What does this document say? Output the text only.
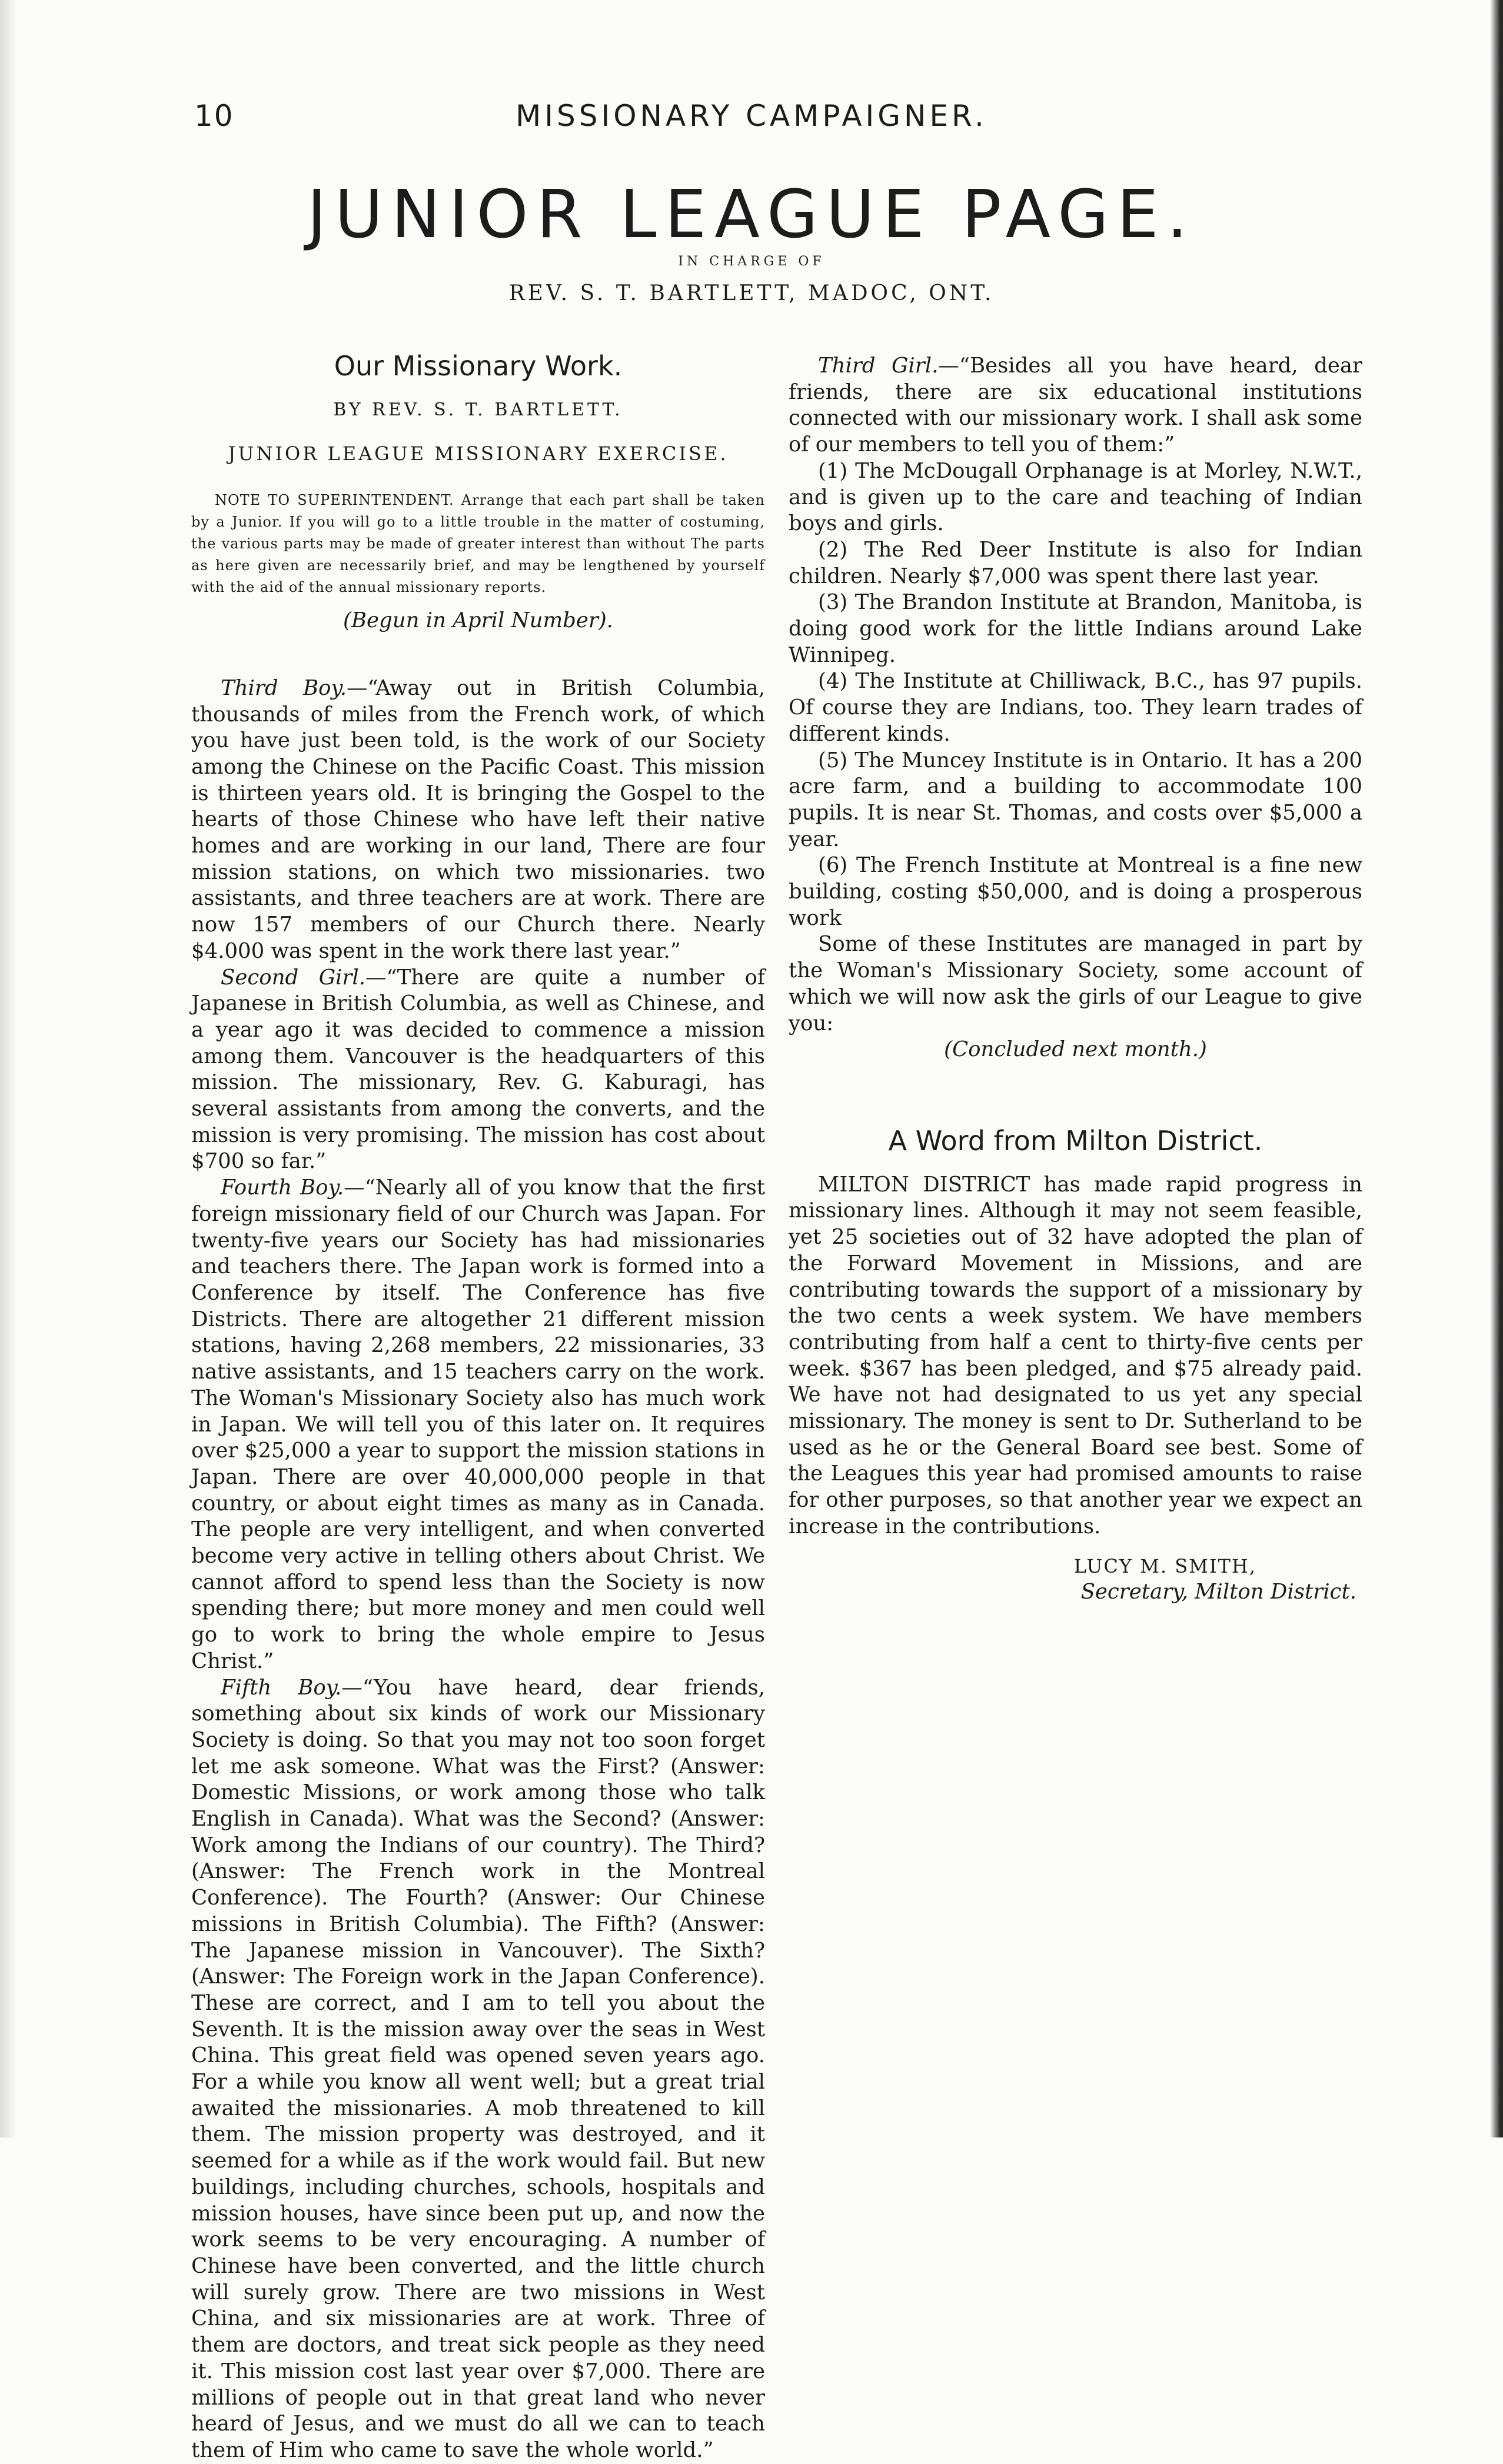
10	MISSIONARY CAMPAIGNER.
JUNIOR LEAGUE PAGE.
IN CHARGE OF
REV. S. T. BARTLETT, MADOC, ONT.
Our Missionary Work.
BY REV. S. T. BARTLETT.
JUNIOR LEAGUE MISSIONARY EXERCISE.

NOTE TO SUPERINTENDENT. Arrange that each part shall be taken by a Junior. If you will go to a little trouble in the matter of costuming, the various parts may be made of greater interest than without The parts as here given are necessarily brief, and may be lengthened by yourself with the aid of the annual missionary reports.

(Begun in April Number).

Third Boy.—“Away out in British Columbia, thousands of miles from the French work, of which you have just been told, is the work of our Society among the Chinese on the Pacific Coast. This mission is thirteen years old. It is bringing the Gospel to the hearts of those Chinese who have left their native homes and are working in our land, There are four mission stations, on which two missionaries. two assistants, and three teachers are at work. There are now 157 members of our Church there. Nearly $4.000 was spent in the work there last year.”

Second Girl.—“There are quite a number of Japanese in British Columbia, as well as Chinese, and a year ago it was decided to commence a mission among them. Vancouver is the headquarters of this mission. The missionary, Rev. G. Kaburagi, has several assistants from among the converts, and the mission is very promising. The mission has cost about $700 so far.”

Fourth Boy.—“Nearly all of you know that the first foreign missionary field of our Church was Japan. For twenty-five years our Society has had missionaries and teachers there. The Japan work is formed into a Conference by itself. The Conference has five Districts. There are altogether 21 different mission stations, having 2,268 members, 22 missionaries, 33 native assistants, and 15 teachers carry on the work. The Woman's Missionary Society also has much work in Japan. We will tell you of this later on. It requires over $25,000 a year to support the mission stations in Japan. There are over 40,000,000 people in that country, or about eight times as many as in Canada. The people are very intelligent, and when converted become very active in telling others about Christ. We cannot afford to spend less than the Society is now spending there; but more money and men could well go to work to bring the whole empire to Jesus Christ.”

Fifth Boy.—“You have heard, dear friends, something about six kinds of work our Missionary Society is doing. So that you may not too soon forget let me ask someone. What was the First? (Answer: Domestic Missions, or work among those who talk English in Canada). What was the Second? (Answer: Work among the Indians of our country). The Third? (Answer: The French work in the Montreal Conference). The Fourth? (Answer: Our Chinese missions in British Columbia). The Fifth? (Answer: The Japanese mission in Vancouver). The Sixth? (Answer: The Foreign work in the Japan Conference). These are correct, and I am to tell you about the Seventh. It is the mission away over the seas in West China. This great field was opened seven years ago. For a while you know all went well; but a great trial awaited the missionaries. A mob threatened to kill them. The mission property was destroyed, and it seemed for a while as if the work would fail. But new buildings, including churches, schools, hospitals and mission houses, have since been put up, and now the work seems to be very encouraging. A number of Chinese have been converted, and the little church will surely grow. There are two missions in West China, and six missionaries are at work. Three of them are doctors, and treat sick people as they need it. This mission cost last year over $7,000. There are millions of people out in that great land who never heard of Jesus, and we must do all we can to teach them of Him who came to save the whole world.”

Third Girl.—“Besides all you have heard, dear friends, there are six educational institutions connected with our missionary work. I shall ask some of our members to tell you of them:”

(1) The McDougall Orphanage is at Morley, N.W.T., and is given up to the care and teaching of Indian boys and girls.

(2) The Red Deer Institute is also for Indian children. Nearly $7,000 was spent there last year.

(3) The Brandon Institute at Brandon, Manitoba, is doing good work for the little Indians around Lake Winnipeg.

(4) The Institute at Chilliwack, B.C., has 97 pupils. Of course they are Indians, too. They learn trades of different kinds.

(5) The Muncey Institute is in Ontario. It has a 200 acre farm, and a building to accommodate 100 pupils. It is near St. Thomas, and costs over $5,000 a year.

(6) The French Institute at Montreal is a fine new building, costing $50,000, and is doing a prosperous work

Some of these Institutes are managed in part by the Woman's Missionary Society, some account of which we will now ask the girls of our League to give you:

(Concluded next month.)

A Word from Milton District.

MILTON DISTRICT has made rapid progress in missionary lines. Although it may not seem feasible, yet 25 societies out of 32 have adopted the plan of the Forward Movement in Missions, and are contributing towards the support of a missionary by the two cents a week system. We have members contributing from half a cent to thirty-five cents per week. $367 has been pledged, and $75 already paid. We have not had designated to us yet any special missionary. The money is sent to Dr. Sutherland to be used as he or the General Board see best. Some of the Leagues this year had promised amounts to raise for other purposes, so that another year we expect an increase in the contributions.

LUCY M. SMITH,
Secretary, Milton District.
